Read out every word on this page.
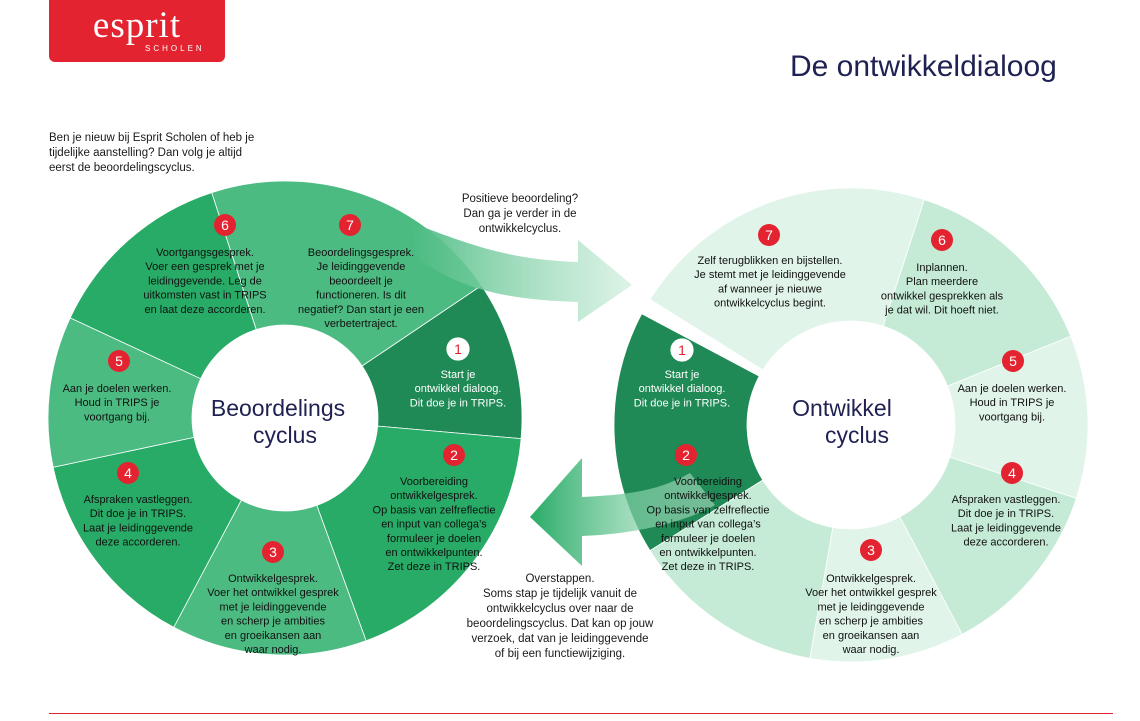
esprit
SCHOLEN
De ontwikkeldialoog
Ben je nieuw bij Esprit Scholen of heb je
tijdelijke aanstelling? Dan volg je altijd
eerst de beoordelingscyclus.
Positieve beoordeling?
Dan ga je verder in de
ontwikkelcyclus.
Overstappen.
Soms stap je tijdelijk vanuit de
ontwikkelcyclus over naar de
beoordelingscyclus. Dat kan op jouw
verzoek, dat van je leidinggevende
of bij een functiewijziging.
1
Start je
ontwikkel dialoog.
Dit doe je in TRIPS.
2
Voorbereiding
ontwikkelgesprek.
Op basis van zelfreflectie
en input van collega’s
formuleer je doelen
en ontwikkelpunten.
Zet deze in TRIPS.
3
Ontwikkelgesprek.
Voer het ontwikkel gesprek
met je leidinggevende
en scherp je ambities
en groeikansen aan
waar nodig.
4
Afspraken vastleggen.
Dit doe je in TRIPS.
Laat je leidinggevende
deze accorderen.
5
Aan je doelen werken.
Houd in TRIPS je
voortgang bij.
6
Voortgangsgesprek.
Voer een gesprek met je
leidinggevende. Leg de
uitkomsten vast in TRIPS
en laat deze accorderen.
7
Beoordelingsgesprek.
Je leidinggevende
beoordeelt je
functioneren. Is dit
negatief? Dan start je een
verbetertraject.
1
Start je
ontwikkel dialoog.
Dit doe je in TRIPS.
2
Voorbereiding
ontwikkelgesprek.
Op basis van zelfreflectie
en input van collega’s
formuleer je doelen
en ontwikkelpunten.
Zet deze in TRIPS.
3
Ontwikkelgesprek.
Voer het ontwikkel gesprek
met je leidinggevende
en scherp je ambities
en groeikansen aan
waar nodig.
4
Afspraken vastleggen.
Dit doe je in TRIPS.
Laat je leidinggevende
deze accorderen.
5
Aan je doelen werken.
Houd in TRIPS je
voortgang bij.
6
Inplannen.
Plan meerdere
ontwikkel gesprekken als
je dat wil. Dit hoeft niet.
7
Zelf terugblikken en bijstellen.
Je stemt met je leidinggevende
af wanneer je nieuwe
ontwikkelcyclus begint.
Beoordelings
cyclus
Ontwikkel
cyclus
